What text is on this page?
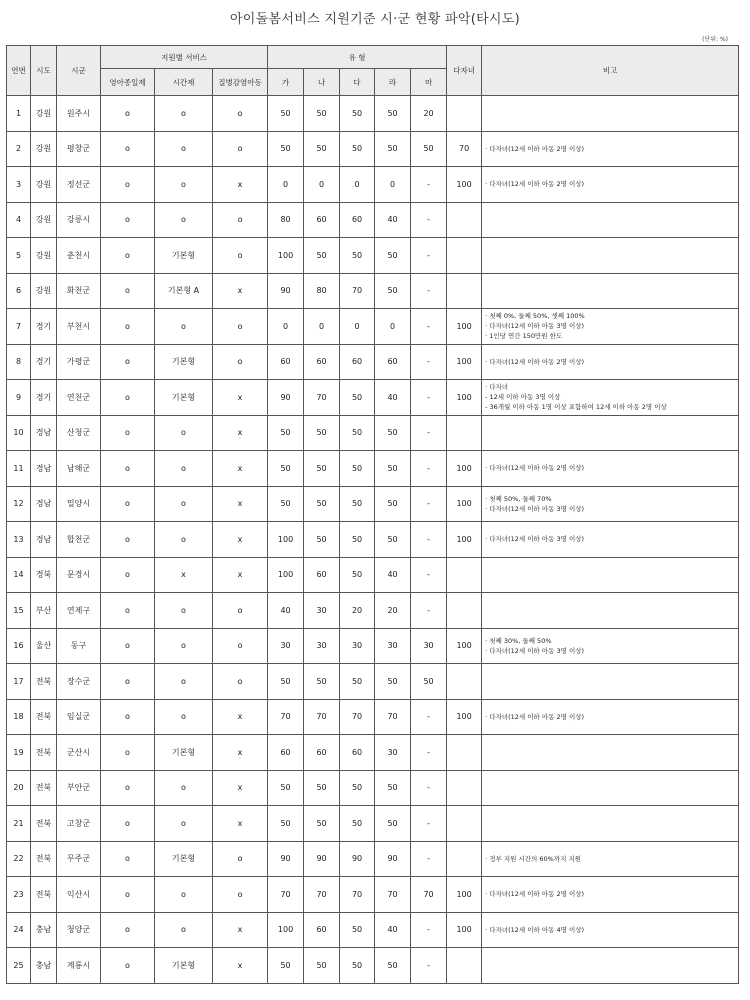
아이돌봄서비스 지원기준 시·군 현황 파악(타시도)
(단위: %)
연번	시도	시군	지원별 서비스			유 형					다자녀	비고
			영아종일제	시간제	질병감염아동	가	나	다	라	마		
1	강원	원주시	o	o	o	50	50	50	50	20		
2	강원	평창군	o	o	o	50	50	50	50	50	70	· 다자녀(12세 이하 아동 2명 이상)

3	강원	정선군	o	o	x	0	0	0	0	-	100	· 다자녀(12세 이하 아동 2명 이상)

4	강원	강릉시	o	o	o	80	60	60	40	-		
5	강원	춘천시	o	기본형	o	100	50	50	50	-		
6	강원	화천군	o	기본형 A	x	90	80	70	50	-		
7	경기	부천시	o	o	o	0	0	0	0	-	100	· 첫째 0%, 둘째 50%, 셋째 100%
· 다자녀(12세 이하 아동 3명 이상)
· 1인당 연간 150만원 한도

8	경기	가평군	o	기본형	o	60	60	60	60	-	100	· 다자녀(12세 이하 아동 2명 이상)

9	경기	연천군	o	기본형	x	90	70	50	40	-	100	· 다자녀
- 12세 이하 아동 3명 이상
- 36개월 이하 아동 1명 이상 포함하여 12세 이하 아동 2명 이상

10	경남	산청군	o	o	x	50	50	50	50	-		
11	경남	남해군	o	o	x	50	50	50	50	-	100	· 다자녀(12세 이하 아동 2명 이상)

12	경남	밀양시	o	o	x	50	50	50	50	-	100	· 첫째 50%, 둘째 70%
· 다자녀(12세 이하 아동 3명 이상)

13	경남	합천군	o	o	x	100	50	50	50	-	100	· 다자녀(12세 이하 아동 3명 이상)

14	경북	문경시	o	x	x	100	60	50	40	-		
15	부산	연제구	o	o	o	40	30	20	20	-		
16	울산	동구	o	o	o	30	30	30	30	30	100	· 첫째 30%, 둘째 50%
· 다자녀(12세 이하 아동 3명 이상)

17	전북	장수군	o	o	o	50	50	50	50	50		
18	전북	임실군	o	o	x	70	70	70	70	-	100	· 다자녀(12세 이하 아동 2명 이상)

19	전북	군산시	o	기본형	x	60	60	60	30	-		
20	전북	부안군	o	o	x	50	50	50	50	-		
21	전북	고창군	o	o	x	50	50	50	50	-		
22	전북	무주군	o	기본형	o	90	90	90	90	-		· 정부 지원 시간의 60%까지 지원

23	전북	익산시	o	o	o	70	70	70	70	70	100	· 다자녀(12세 이하 아동 2명 이상)

24	충남	청양군	o	o	x	100	60	50	40	-	100	· 다자녀(12세 이하 아동 4명 이상)

25	충남	계룡시	o	기본형	x	50	50	50	50	-		
